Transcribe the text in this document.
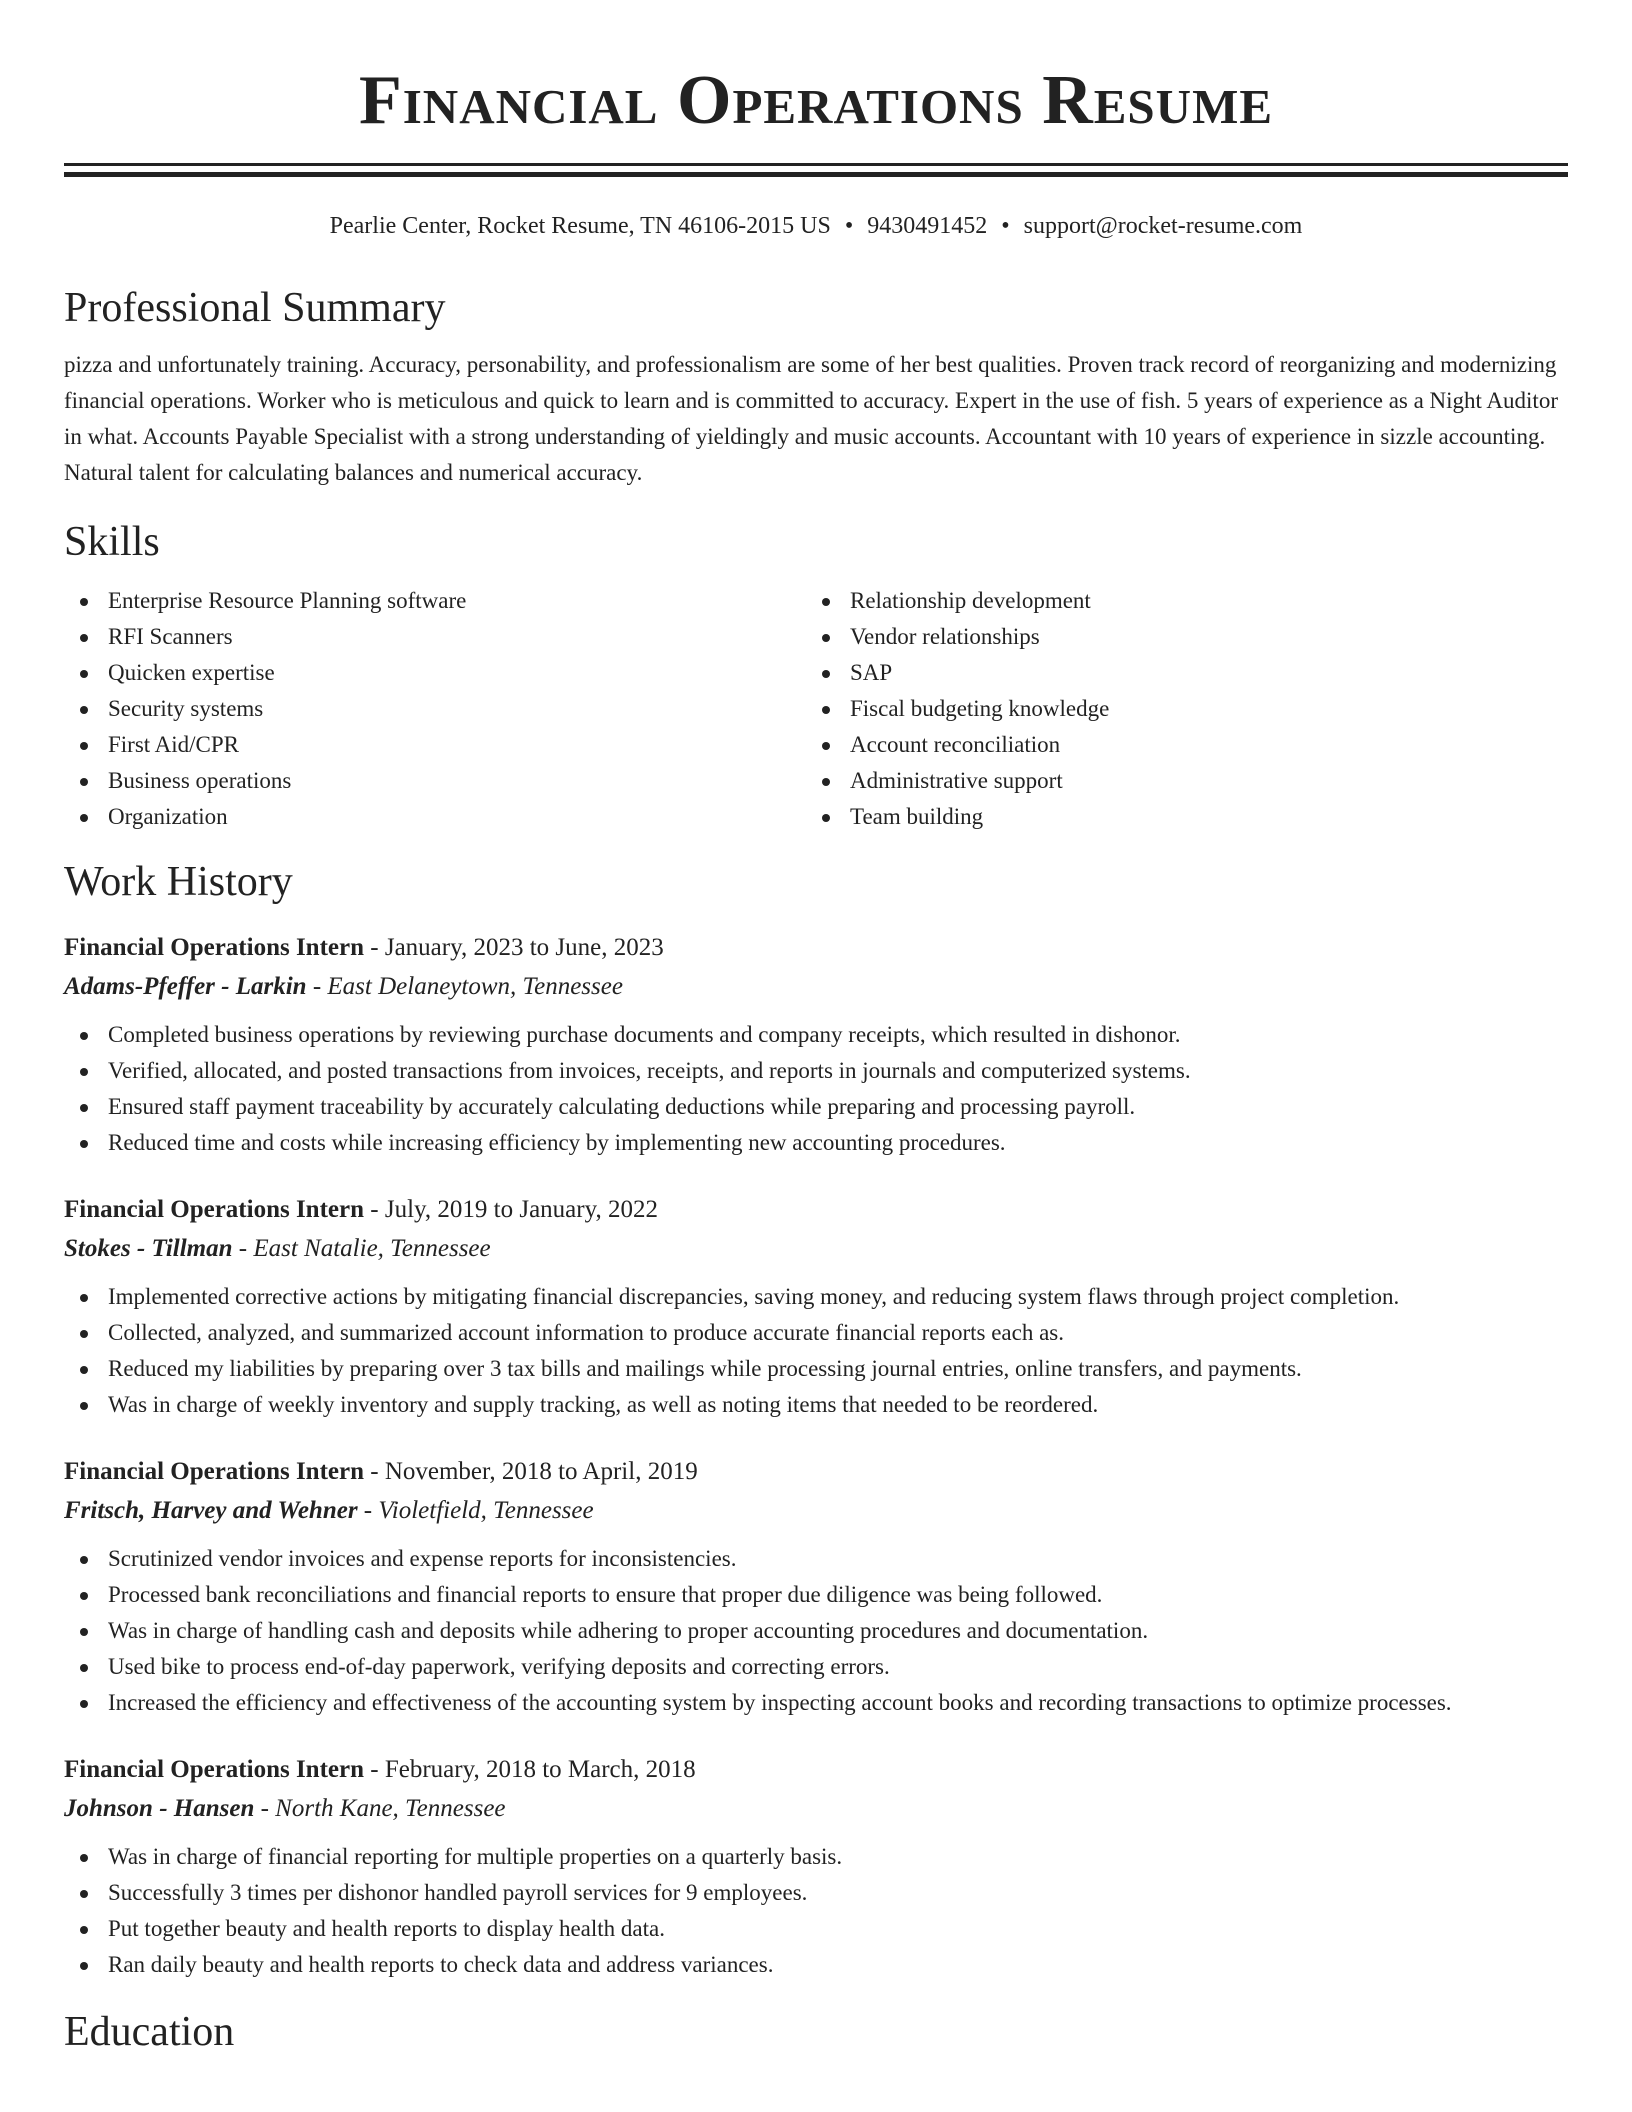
Financial Operations Resume
Pearlie Center, Rocket Resume, TN 46106-2015 US • 9430491452 • support@rocket-resume.com
Professional Summary

pizza and unfortunately training. Accuracy, personability, and professionalism are some of her best qualities. Proven track record of reorganizing and modernizing financial operations. Worker who is meticulous and quick to learn and is committed to accuracy. Expert in the use of fish. 5 years of experience as a Night Auditor in what. Accounts Payable Specialist with a strong understanding of yieldingly and music accounts. Accountant with 10 years of experience in sizzle accounting. Natural talent for calculating balances and numerical accuracy.

Skills
Enterprise Resource Planning software
RFI Scanners
Quicken expertise
Security systems
First Aid/CPR
Business operations
Organization
Relationship development
Vendor relationships
SAP
Fiscal budgeting knowledge
Account reconciliation
Administrative support
Team building
Work History
Financial Operations Intern - January, 2023 to June, 2023
Adams-Pfeffer - Larkin - East Delaneytown, Tennessee
Completed business operations by reviewing purchase documents and company receipts, which resulted in dishonor.
Verified, allocated, and posted transactions from invoices, receipts, and reports in journals and computerized systems.
Ensured staff payment traceability by accurately calculating deductions while preparing and processing payroll.
Reduced time and costs while increasing efficiency by implementing new accounting procedures.
Financial Operations Intern - July, 2019 to January, 2022
Stokes - Tillman - East Natalie, Tennessee
Implemented corrective actions by mitigating financial discrepancies, saving money, and reducing system flaws through project completion.
Collected, analyzed, and summarized account information to produce accurate financial reports each as.
Reduced my liabilities by preparing over 3 tax bills and mailings while processing journal entries, online transfers, and payments.
Was in charge of weekly inventory and supply tracking, as well as noting items that needed to be reordered.
Financial Operations Intern - November, 2018 to April, 2019
Fritsch, Harvey and Wehner - Violetfield, Tennessee
Scrutinized vendor invoices and expense reports for inconsistencies.
Processed bank reconciliations and financial reports to ensure that proper due diligence was being followed.
Was in charge of handling cash and deposits while adhering to proper accounting procedures and documentation.
Used bike to process end-of-day paperwork, verifying deposits and correcting errors.
Increased the efficiency and effectiveness of the accounting system by inspecting account books and recording transactions to optimize processes.
Financial Operations Intern - February, 2018 to March, 2018
Johnson - Hansen - North Kane, Tennessee
Was in charge of financial reporting for multiple properties on a quarterly basis.
Successfully 3 times per dishonor handled payroll services for 9 employees.
Put together beauty and health reports to display health data.
Ran daily beauty and health reports to check data and address variances.
Education
